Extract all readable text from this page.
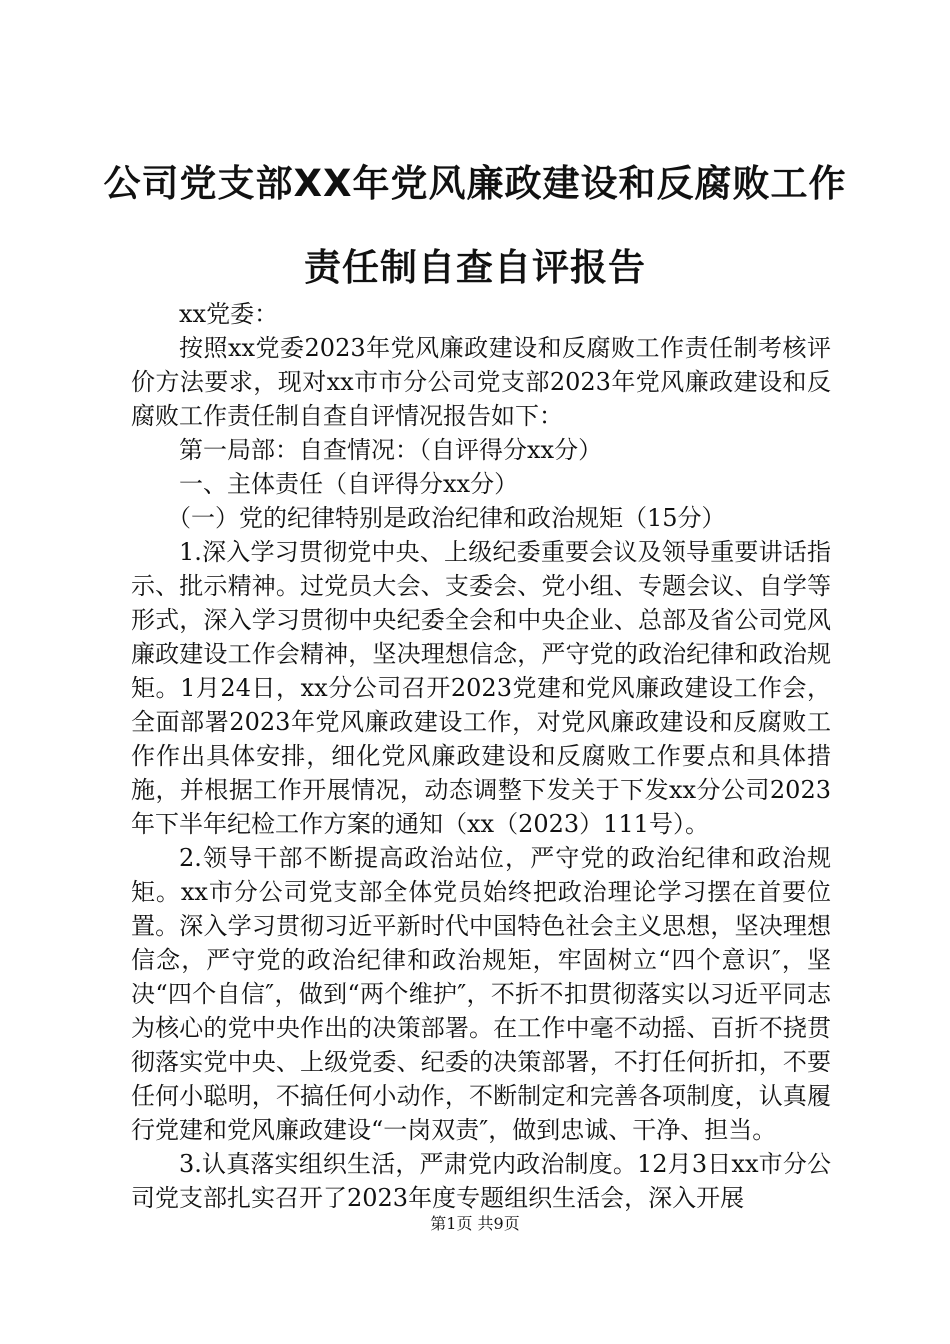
公司党支部XX年党风廉政建设和反腐败工作
责任制自查自评报告

xx党委：

按照xx党委2023年党风廉政建设和反腐败工作责任制考核评价方法要求，现对xx市市分公司党支部2023年党风廉政建设和反腐败工作责任制自查自评情况报告如下：

第一局部：自查情况：（自评得分xx分）

一、主体责任（自评得分xx分）

（一）党的纪律特别是政治纪律和政治规矩（15分）

1.深入学习贯彻党中央、上级纪委重要会议及领导重要讲话指示、批示精神。过党员大会、支委会、党小组、专题会议、自学等形式，深入学习贯彻中央纪委全会和中央企业、总部及省公司党风廉政建设工作会精神，坚决理想信念，严守党的政治纪律和政治规矩。1月24日，xx分公司召开2023党建和党风廉政建设工作会，全面部署2023年党风廉政建设工作，对党风廉政建设和反腐败工作作出具体安排，细化党风廉政建设和反腐败工作要点和具体措施，并根据工作开展情况，动态调整下发关于下发xx分公司2023年下半年纪检工作方案的通知（xx（2023）111号）。

2.领导干部不断提高政治站位，严守党的政治纪律和政治规矩。xx市分公司党支部全体党员始终把政治理论学习摆在首要位置。深入学习贯彻习近平新时代中国特色社会主义思想，坚决理想信念，严守党的政治纪律和政治规矩，牢固树立“四个意识″，坚决“四个自信″，做到“两个维护″，不折不扣贯彻落实以习近平同志为核心的党中央作出的决策部署。在工作中毫不动摇、百折不挠贯彻落实党中央、上级党委、纪委的决策部署，不打任何折扣，不要任何小聪明，不搞任何小动作，不断制定和完善各项制度，认真履行党建和党风廉政建设“一岗双责″，做到忠诚、干净、担当。

3.认真落实组织生活，严肃党内政治制度。12月3日xx市分公司党支部扎实召开了2023年度专题组织生活会，深入开展

第1页 共9页
